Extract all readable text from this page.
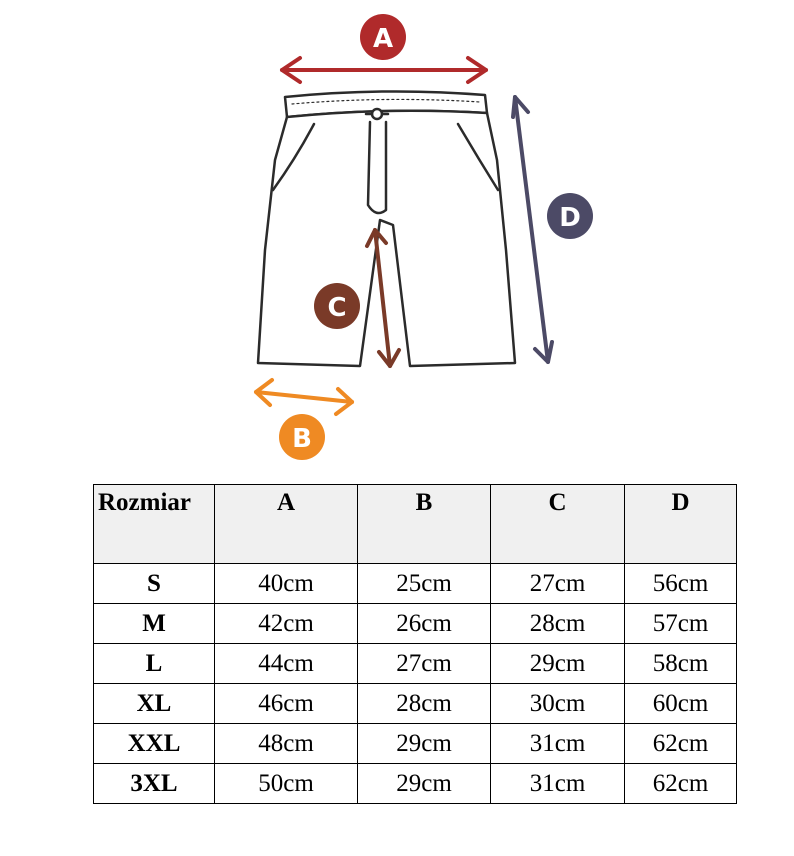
A
D
C
B
Rozmiar	A	B	C	D
S	40cm	25cm	27cm	56cm
M	42cm	26cm	28cm	57cm
L	44cm	27cm	29cm	58cm
XL	46cm	28cm	30cm	60cm
XXL	48cm	29cm	31cm	62cm
3XL	50cm	29cm	31cm	62cm
